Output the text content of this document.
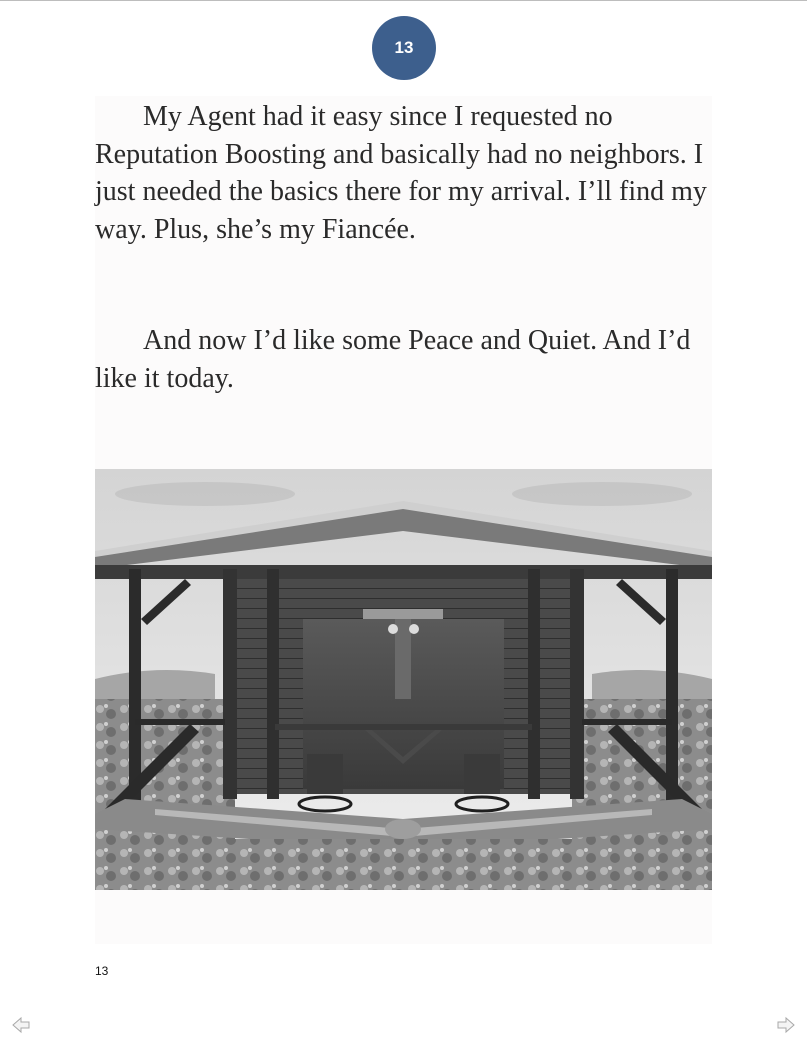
13

My Agent had it easy since I requested no Reputation Boosting and basically had no neighbors. I just needed the basics there for my arrival. I’ll find my way. Plus, she’s my Fiancée.

And now I’d like some Peace and Quiet. And I’d like it today.

13
